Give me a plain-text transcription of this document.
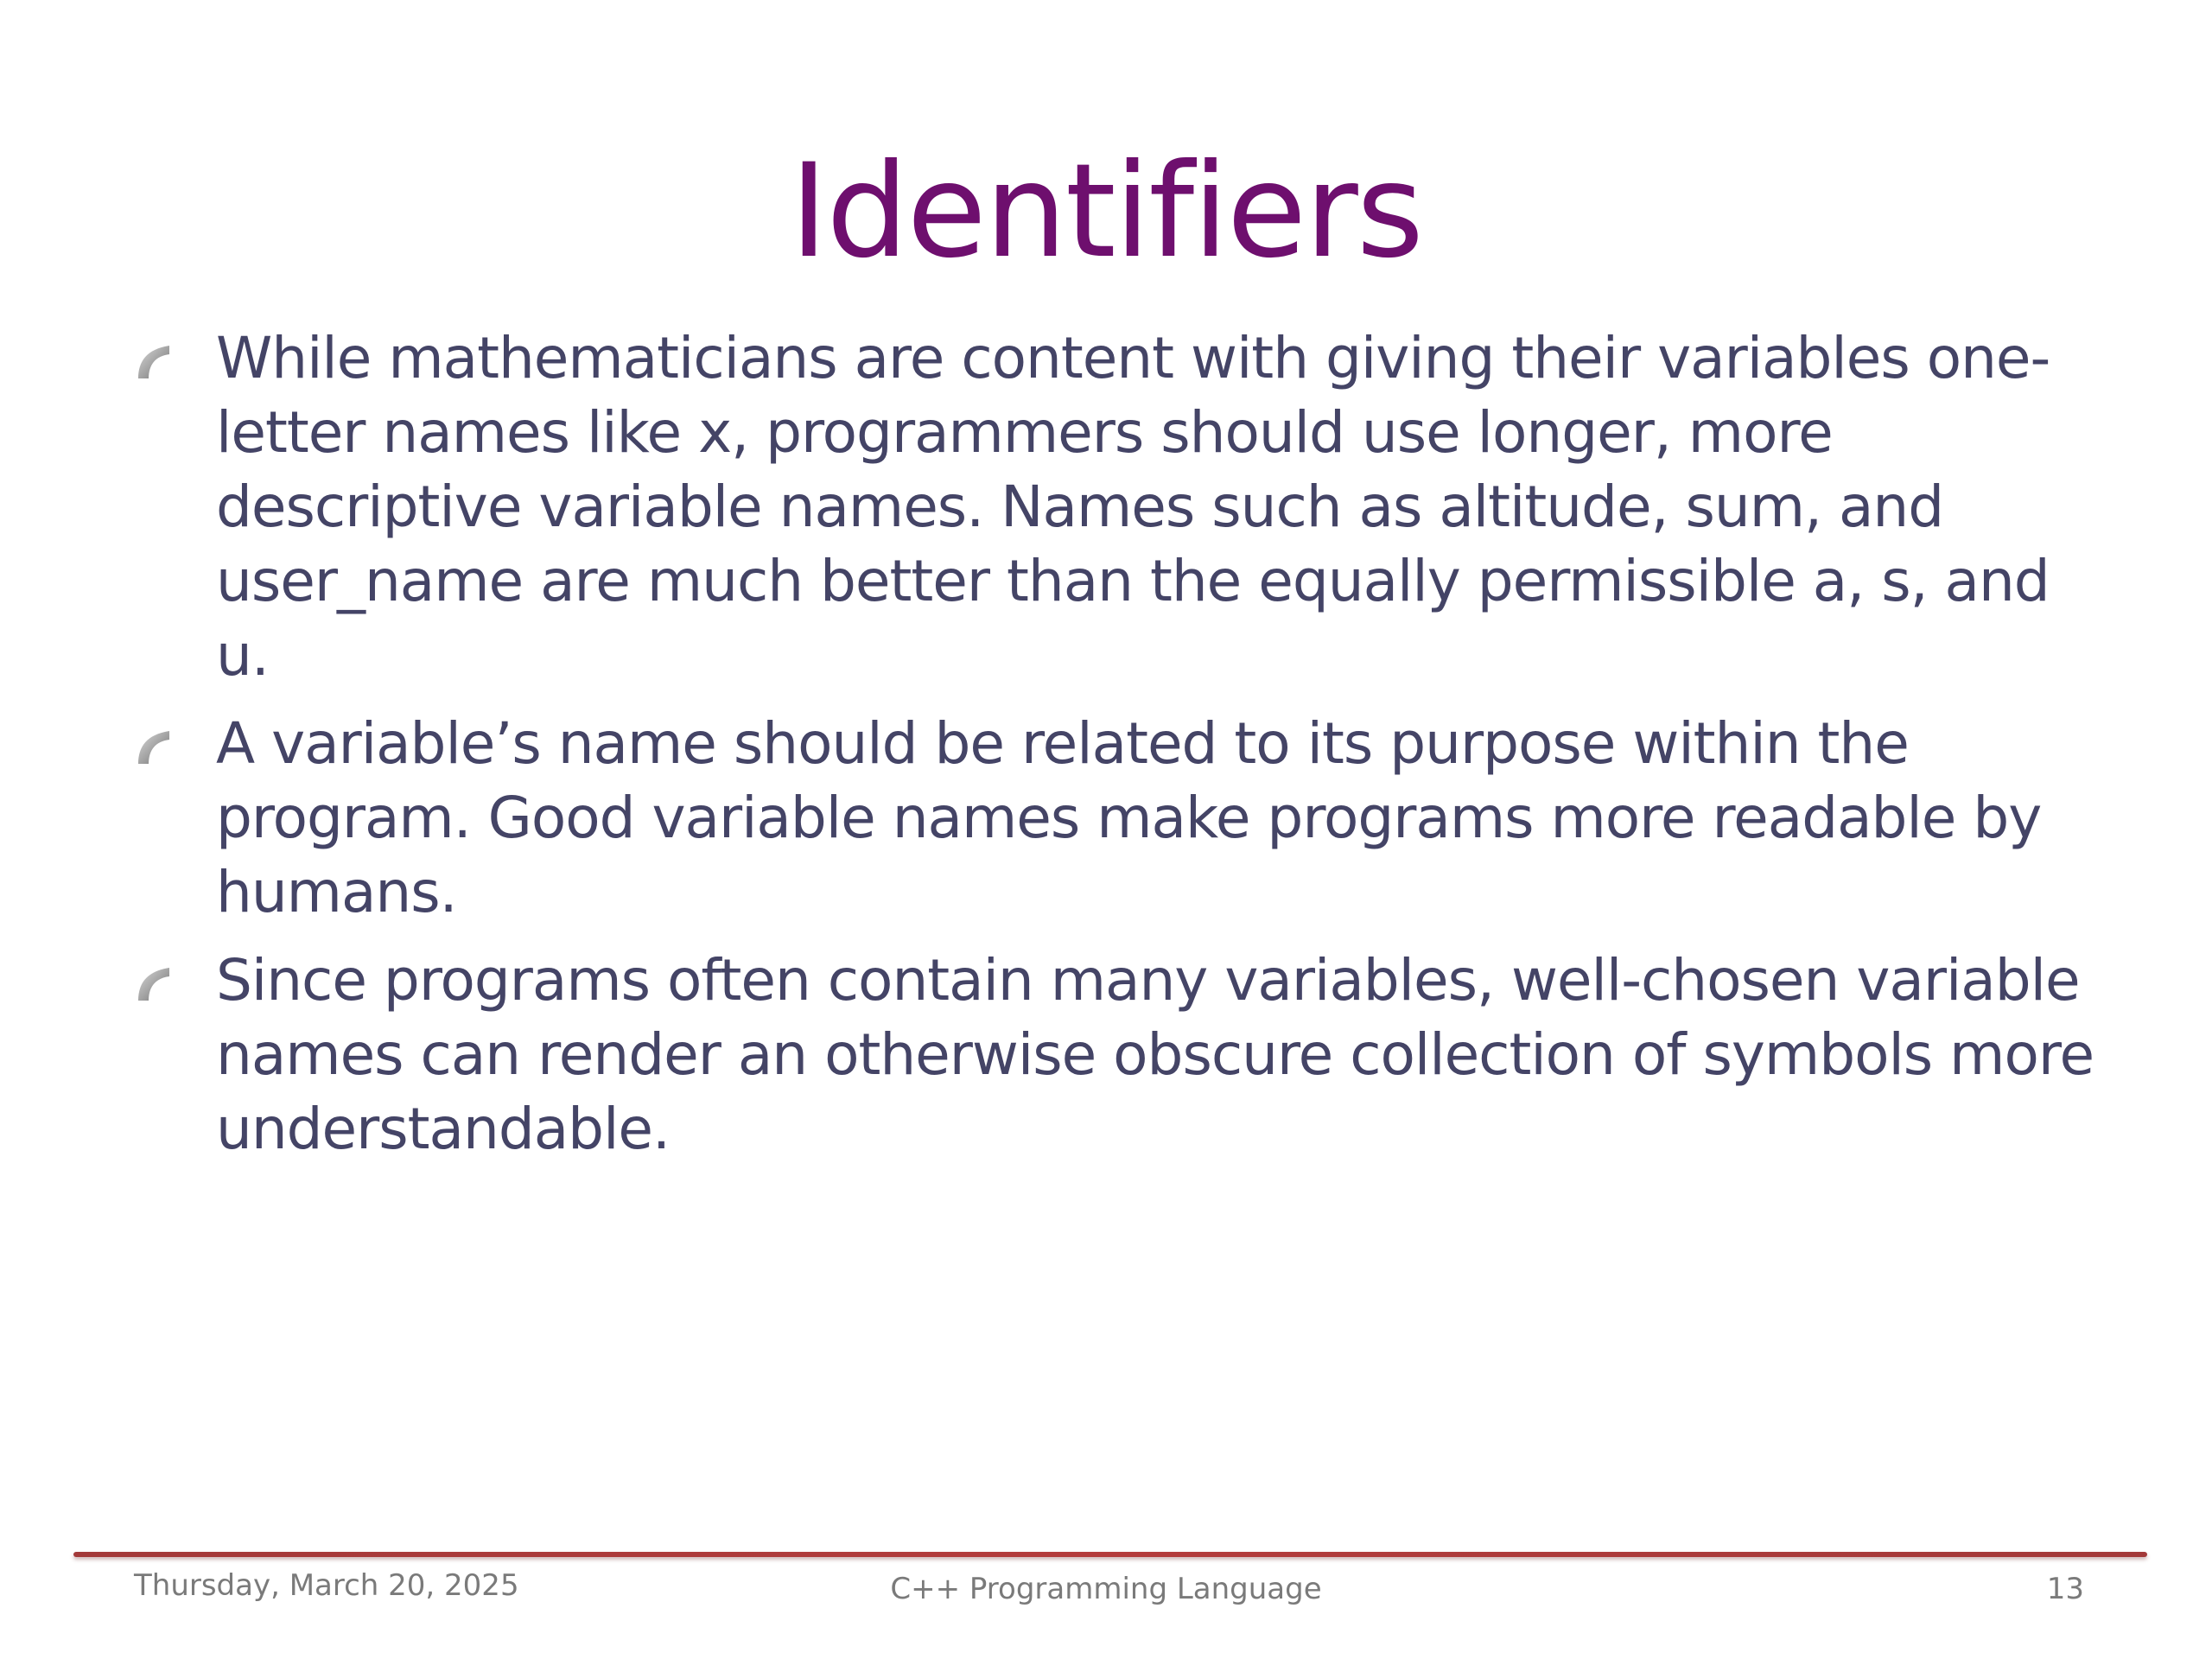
Identifiers
While mathematicians are content with giving their variables one-letter names like x, programmers should use longer, more descriptive variable names. Names such as altitude, sum, and user_name are much better than the equally permissible a, s, and u.
A variable’s name should be related to its purpose within the program. Good variable names make programs more readable by humans.
Since programs often contain many variables, well-chosen variable names can render an otherwise obscure collection of symbols more understandable.
Thursday, March 20, 2025	C++ Programming Language	13
